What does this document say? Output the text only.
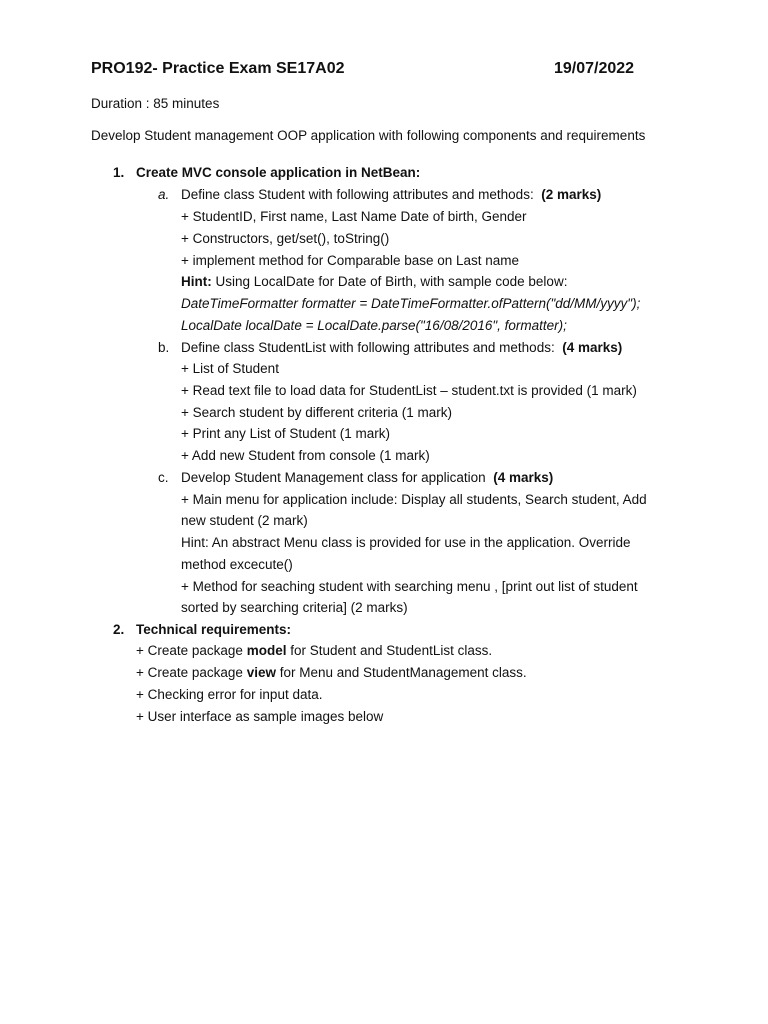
PRO192- Practice Exam SE17A02	19/07/2022
Duration : 85 minutes
Develop Student management OOP application with following components and requirements
1. Create MVC console application in NetBean:
a. Define class Student with following attributes and methods: (2 marks)
+ StudentID, First name, Last Name Date of birth, Gender
+ Constructors, get/set(), toString()
+ implement method for Comparable base on Last name
Hint: Using LocalDate for Date of Birth, with sample code below:
DateTimeFormatter formatter = DateTimeFormatter.ofPattern("dd/MM/yyyy");
LocalDate localDate = LocalDate.parse("16/08/2016", formatter);
b. Define class StudentList with following attributes and methods: (4 marks)
+ List of Student
+ Read text file to load data for StudentList – student.txt is provided (1 mark)
+ Search student by different criteria (1 mark)
+ Print any List of Student (1 mark)
+ Add new Student from console (1 mark)
c. Develop Student Management class for application (4 marks)
+ Main menu for application include: Display all students, Search student, Add
new student (2 mark)
Hint: An abstract Menu class is provided for use in the application. Override
method excecute()
+ Method for seaching student with searching menu , [print out list of student
sorted by searching criteria] (2 marks)
2. Technical requirements:
+ Create package model for Student and StudentList class.
+ Create package view for Menu and StudentManagement class.
+ Checking error for input data.
+ User interface as sample images below
